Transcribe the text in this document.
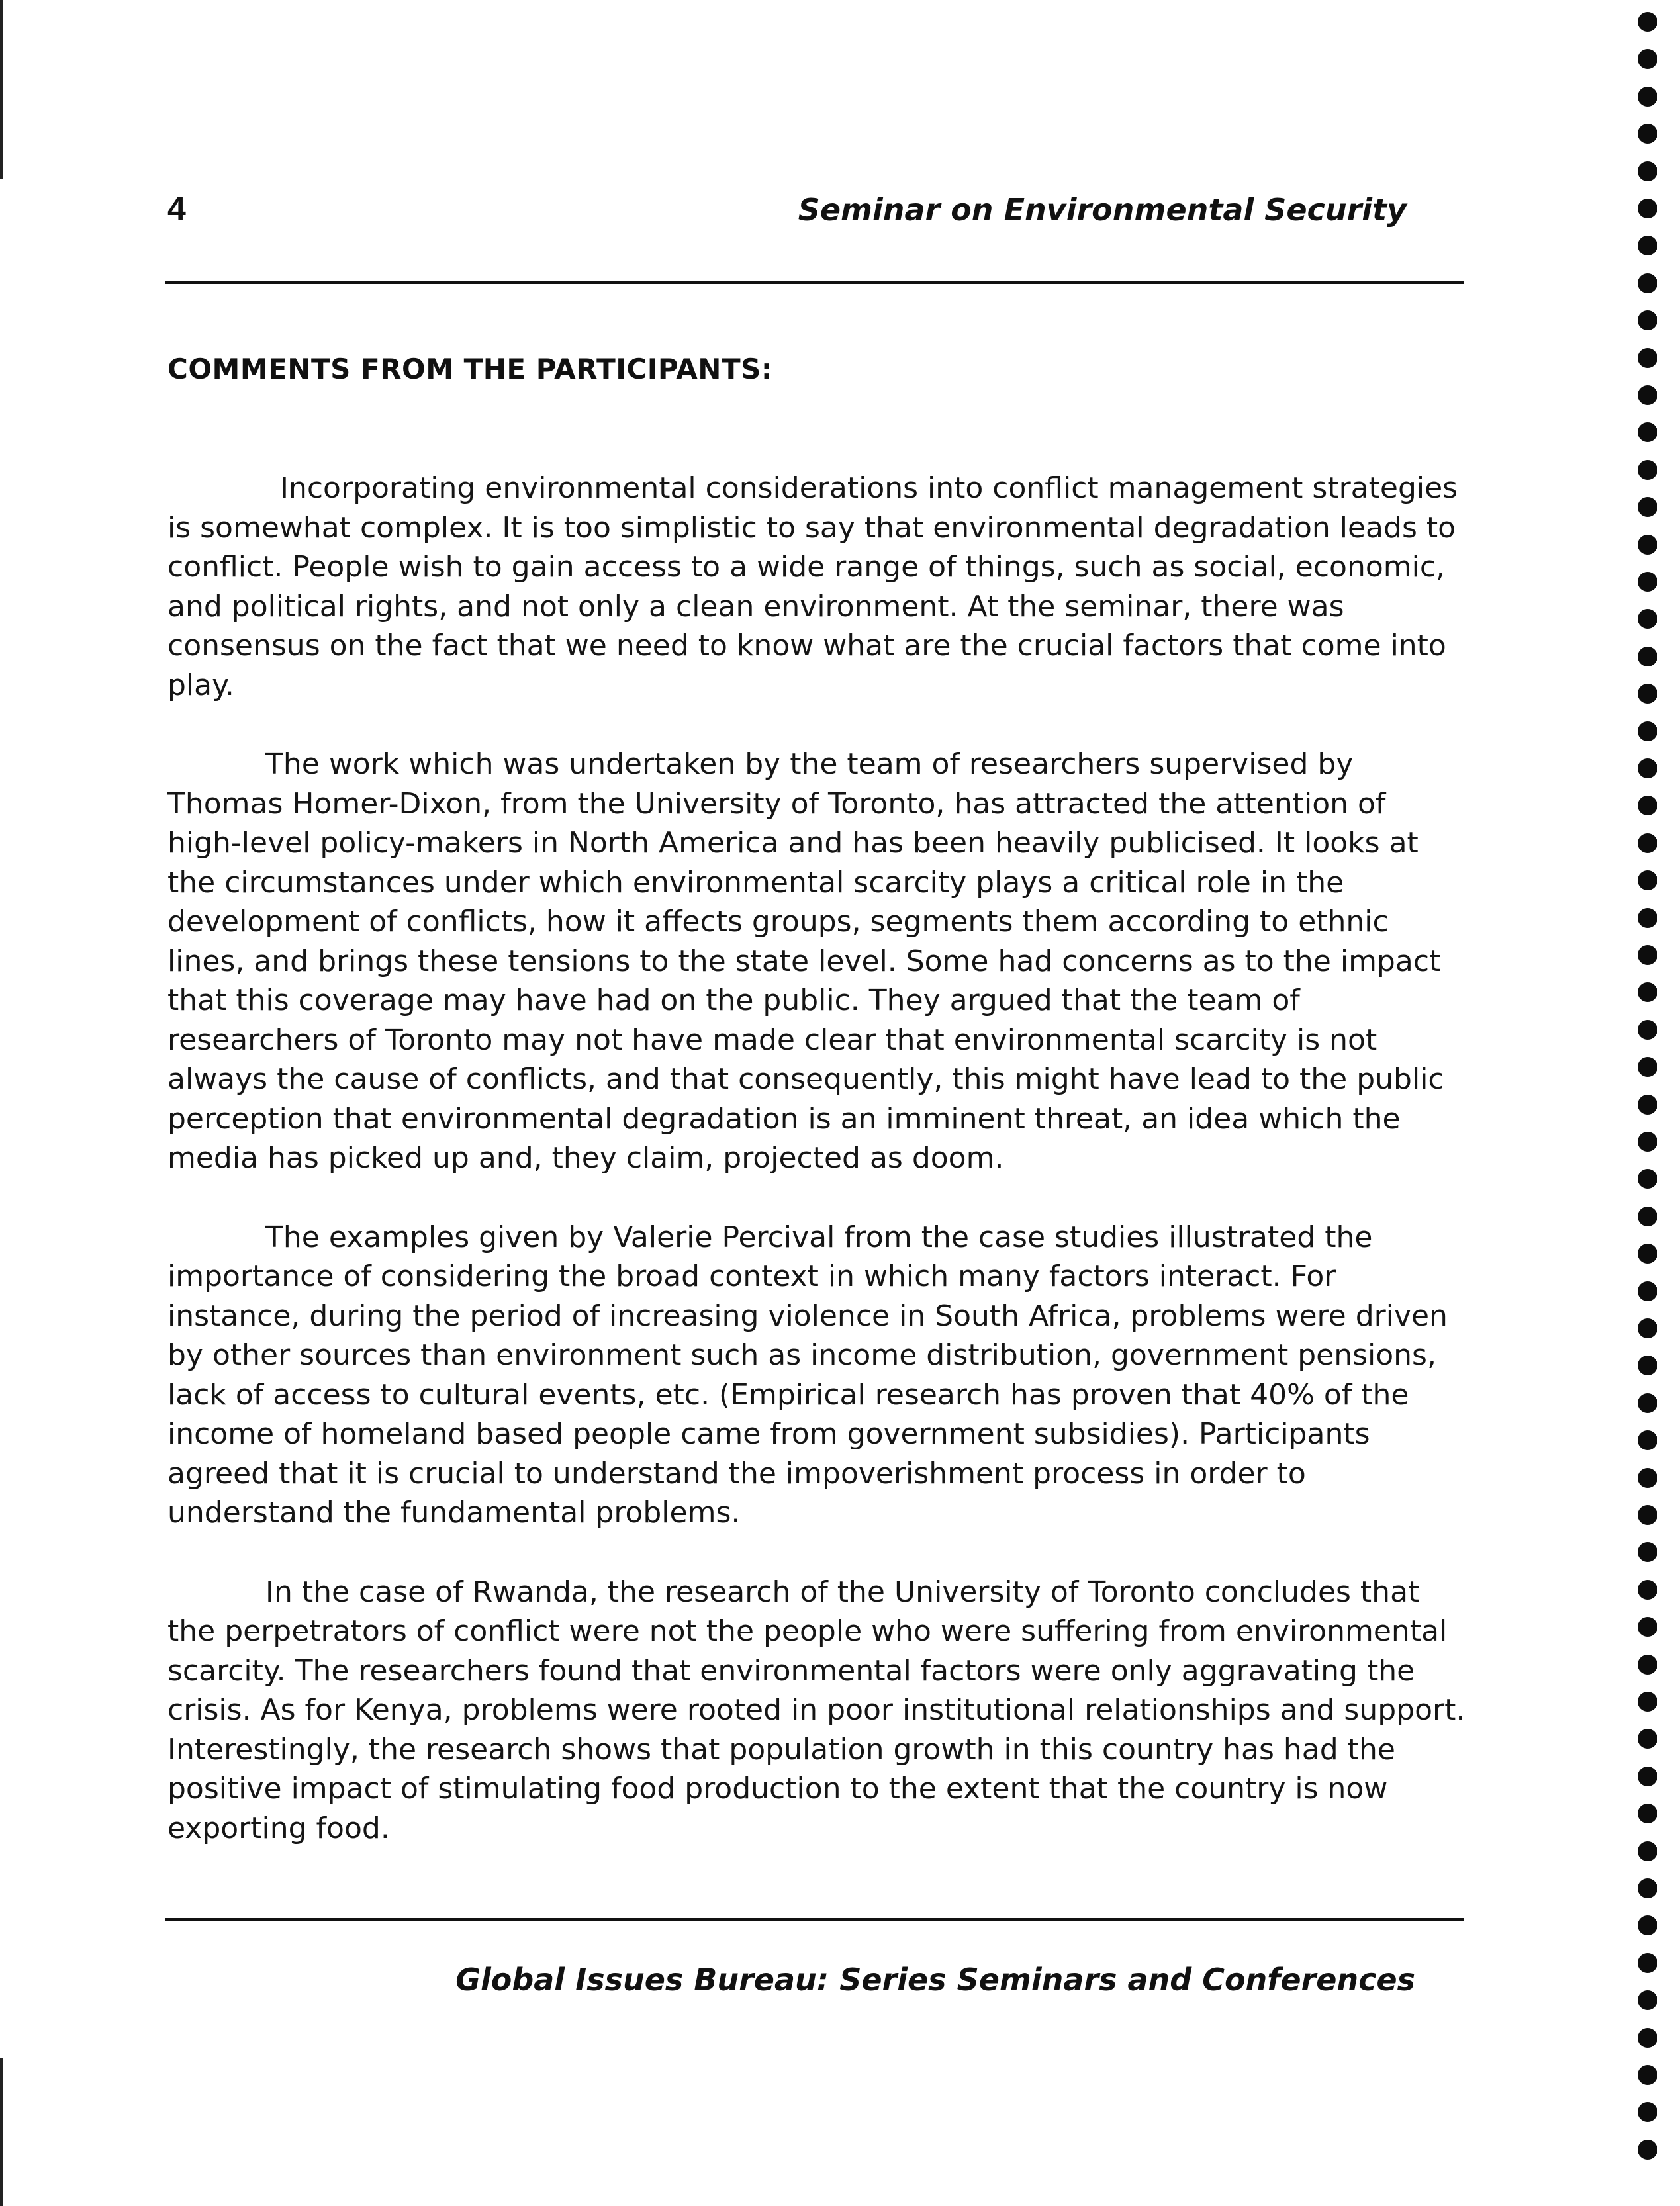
4	Seminar on Environmental Security
COMMENTS FROM THE PARTICIPANTS:

Incorporating environmental considerations into conflict management strategies is somewhat complex. It is too simplistic to say that environmental degradation leads to conflict. People wish to gain access to a wide range of things, such as social, economic, and political rights, and not only a clean environment. At the seminar, there was consensus on the fact that we need to know what are the crucial factors that come into play.

The work which was undertaken by the team of researchers supervised by Thomas Homer-Dixon, from the University of Toronto, has attracted the attention of high-level policy-makers in North America and has been heavily publicised. It looks at the circumstances under which environmental scarcity plays a critical role in the development of conflicts, how it affects groups, segments them according to ethnic lines, and brings these tensions to the state level. Some had concerns as to the impact that this coverage may have had on the public. They argued that the team of researchers of Toronto may not have made clear that environmental scarcity is not always the cause of conflicts, and that consequently, this might have lead to the public perception that environmental degradation is an imminent threat, an idea which the media has picked up and, they claim, projected as doom.

The examples given by Valerie Percival from the case studies illustrated the importance of considering the broad context in which many factors interact. For instance, during the period of increasing violence in South Africa, problems were driven by other sources than environment such as income distribution, government pensions, lack of access to cultural events, etc. (Empirical research has proven that 40% of the income of homeland based people came from government subsidies). Participants agreed that it is crucial to understand the impoverishment process in order to understand the fundamental problems.

In the case of Rwanda, the research of the University of Toronto concludes that the perpetrators of conflict were not the people who were suffering from environmental scarcity. The researchers found that environmental factors were only aggravating the crisis. As for Kenya, problems were rooted in poor institutional relationships and support. Interestingly, the research shows that population growth in this country has had the positive impact of stimulating food production to the extent that the country is now exporting food.

Global Issues Bureau: Series Seminars and Conferences
